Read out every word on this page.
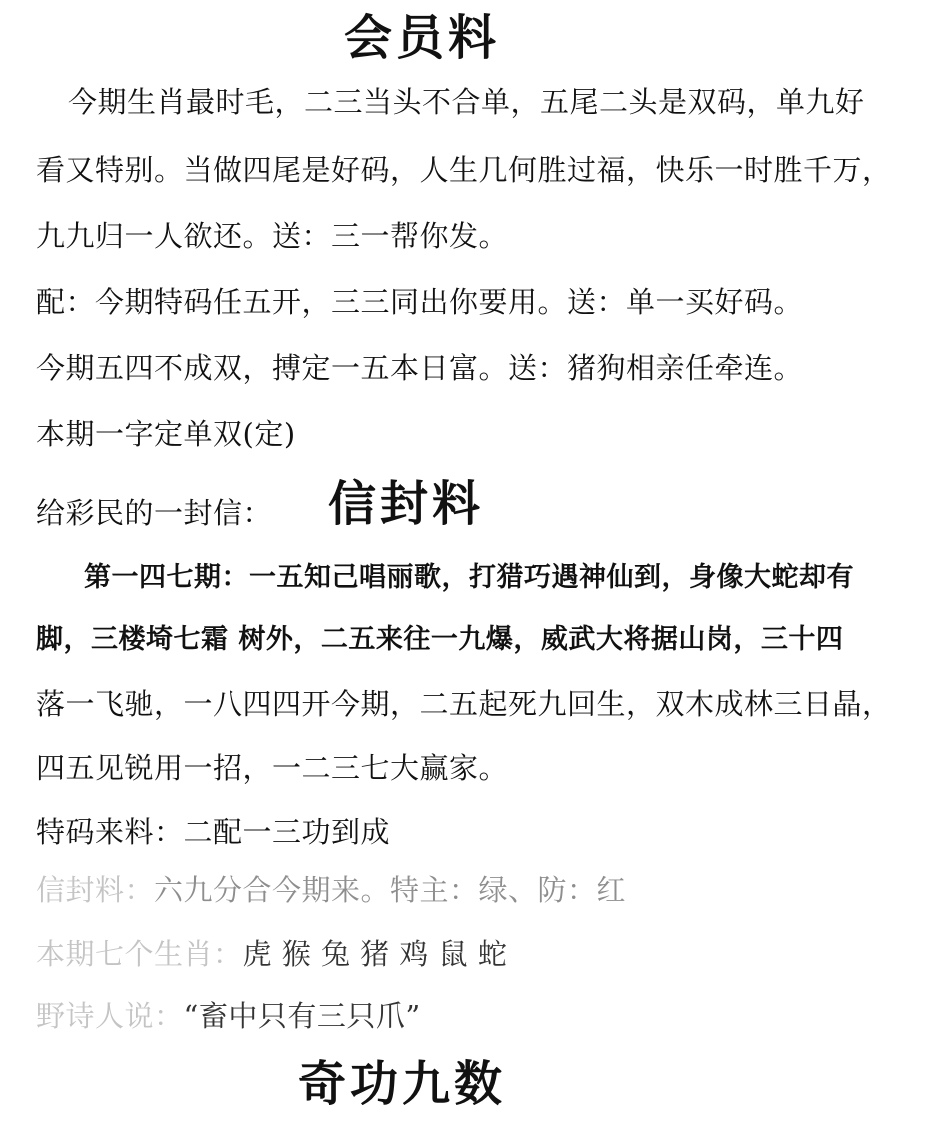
会员料
今期生肖最时毛，二三当头不合单，五尾二头是双码，单九好
看又特别。当做四尾是好码，人生几何胜过福，快乐一时胜千万，
九九归一人欲还。送：三一帮你发。
配：今期特码任五开，三三同出你要用。送：单一买好码。
今期五四不成双，搏定一五本日富。送：猪狗相亲任牵连。
本期一字定单双(定)
给彩民的一封信： 信封料
第一四七期：一五知己唱丽歌，打猎巧遇神仙到，身像大蛇却有
脚，三楼埼七霜 树外，二五来往一九爆，威武大将据山岗，三十四
落一飞驰，一八四四开今期，二五起死九回生，双木成林三日晶，
四五见锐用一招，一二三七大赢家。
特码来料：二配一三功到成
信封料：六九分合今期来。特主：绿、防：红
本期七个生肖：虎 猴 兔 猪 鸡 鼠 蛇
野诗人说：“畜中只有三只爪”
奇功九数
